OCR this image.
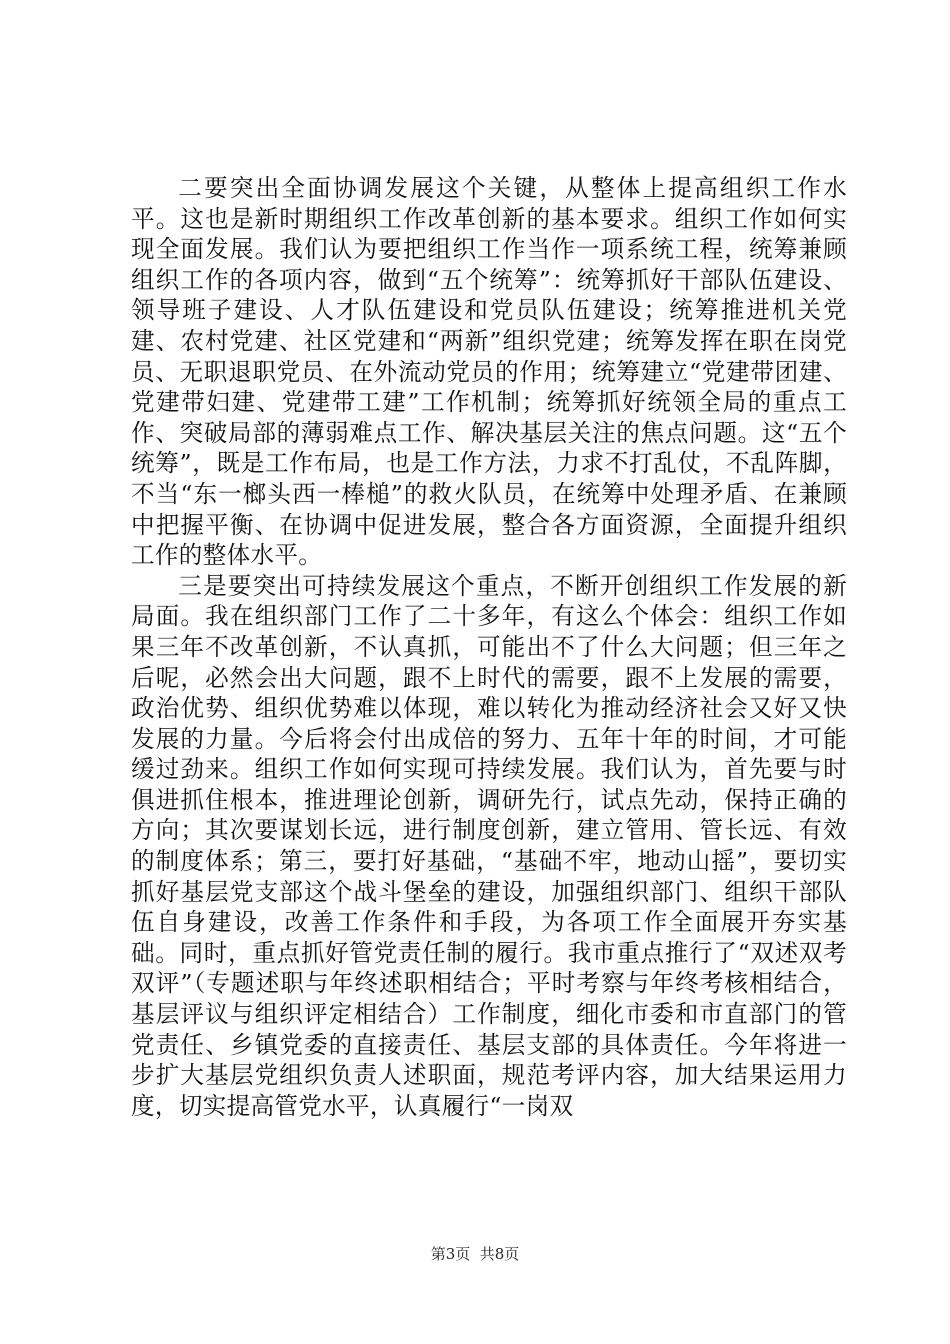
二要突出全面协调发展这个关键，从整体上提高组织工作水平。这也是新时期组织工作改革创新的基本要求。组织工作如何实现全面发展。我们认为要把组织工作当作一项系统工程，统筹兼顾组织工作的各项内容，做到“五个统筹”：统筹抓好干部队伍建设、领导班子建设、人才队伍建设和党员队伍建设；统筹推进机关党建、农村党建、社区党建和“两新”组织党建；统筹发挥在职在岗党员、无职退职党员、在外流动党员的作用；统筹建立“党建带团建、党建带妇建、党建带工建”工作机制；统筹抓好统领全局的重点工作、突破局部的薄弱难点工作、解决基层关注的焦点问题。这“五个统筹”，既是工作布局，也是工作方法，力求不打乱仗，不乱阵脚，不当“东一榔头西一棒槌”的救火队员，在统筹中处理矛盾、在兼顾中把握平衡、在协调中促进发展，整合各方面资源，全面提升组织工作的整体水平。

三是要突出可持续发展这个重点，不断开创组织工作发展的新局面。我在组织部门工作了二十多年，有这么个体会：组织工作如果三年不改革创新，不认真抓，可能出不了什么大问题；但三年之后呢，必然会出大问题，跟不上时代的需要，跟不上发展的需要，政治优势、组织优势难以体现，难以转化为推动经济社会又好又快发展的力量。今后将会付出成倍的努力、五年十年的时间，才可能缓过劲来。组织工作如何实现可持续发展。我们认为，首先要与时俱进抓住根本，推进理论创新，调研先行，试点先动，保持正确的方向；其次要谋划长远，进行制度创新，建立管用、管长远、有效的制度体系；第三，要打好基础，“基础不牢，地动山摇”，要切实抓好基层党支部这个战斗堡垒的建设，加强组织部门、组织干部队伍自身建设，改善工作条件和手段，为各项工作全面展开夯实基础。同时，重点抓好管党责任制的履行。我市重点推行了“双述双考双评”（专题述职与年终述职相结合；平时考察与年终考核相结合，基层评议与组织评定相结合）工作制度，细化市委和市直部门的管党责任、乡镇党委的直接责任、基层支部的具体责任。今年将进一步扩大基层党组织负责人述职面，规范考评内容，加大结果运用力度，切实提高管党水平，认真履行“一岗双

第3页  共8页
